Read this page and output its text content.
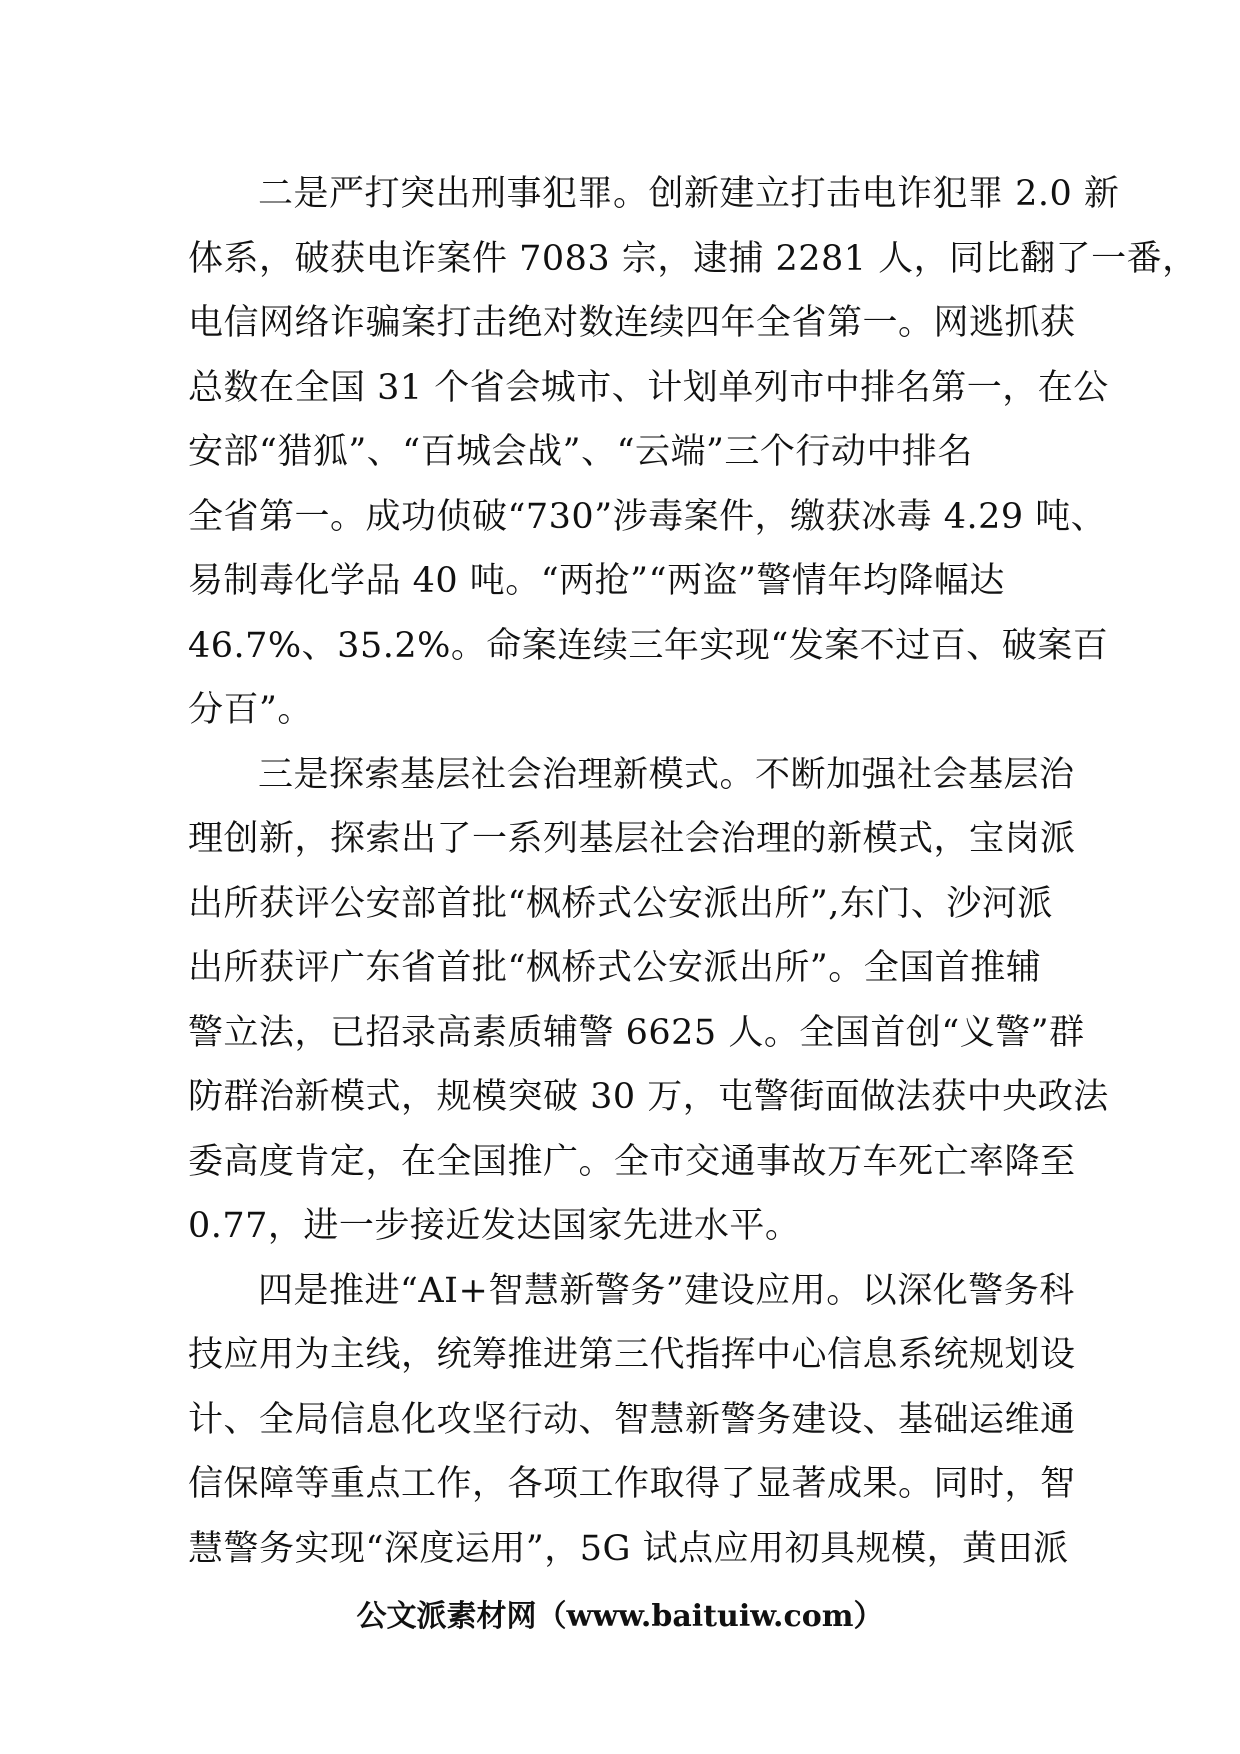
二是严打突出刑事犯罪。创新建立打击电诈犯罪 2.0 新
体系，破获电诈案件 7083 宗，逮捕 2281 人，同比翻了一番，
电信网络诈骗案打击绝对数连续四年全省第一。网逃抓获
总数在全国 31 个省会城市、计划单列市中排名第一，在公
安部“猎狐”、“百城会战”、“云端”三个行动中排名
全省第一。成功侦破“730”涉毒案件，缴获冰毒 4.29 吨、
易制毒化学品 40 吨。“两抢”“两盗”警情年均降幅达
46.7%、35.2%。命案连续三年实现“发案不过百、破案百
分百”。
三是探索基层社会治理新模式。不断加强社会基层治
理创新，探索出了一系列基层社会治理的新模式，宝岗派
出所获评公安部首批“枫桥式公安派出所”,东门、沙河派
出所获评广东省首批“枫桥式公安派出所”。全国首推辅
警立法，已招录高素质辅警 6625 人。全国首创“义警”群
防群治新模式，规模突破 30 万，屯警街面做法获中央政法
委高度肯定，在全国推广。全市交通事故万车死亡率降至
0.77，进一步接近发达国家先进水平。
四是推进“AI+智慧新警务”建设应用。以深化警务科
技应用为主线，统筹推进第三代指挥中心信息系统规划设
计、全局信息化攻坚行动、智慧新警务建设、基础运维通
信保障等重点工作，各项工作取得了显著成果。同时，智
慧警务实现“深度运用”，5G 试点应用初具规模，黄田派
公文派素材网（www.baituiw.com）
